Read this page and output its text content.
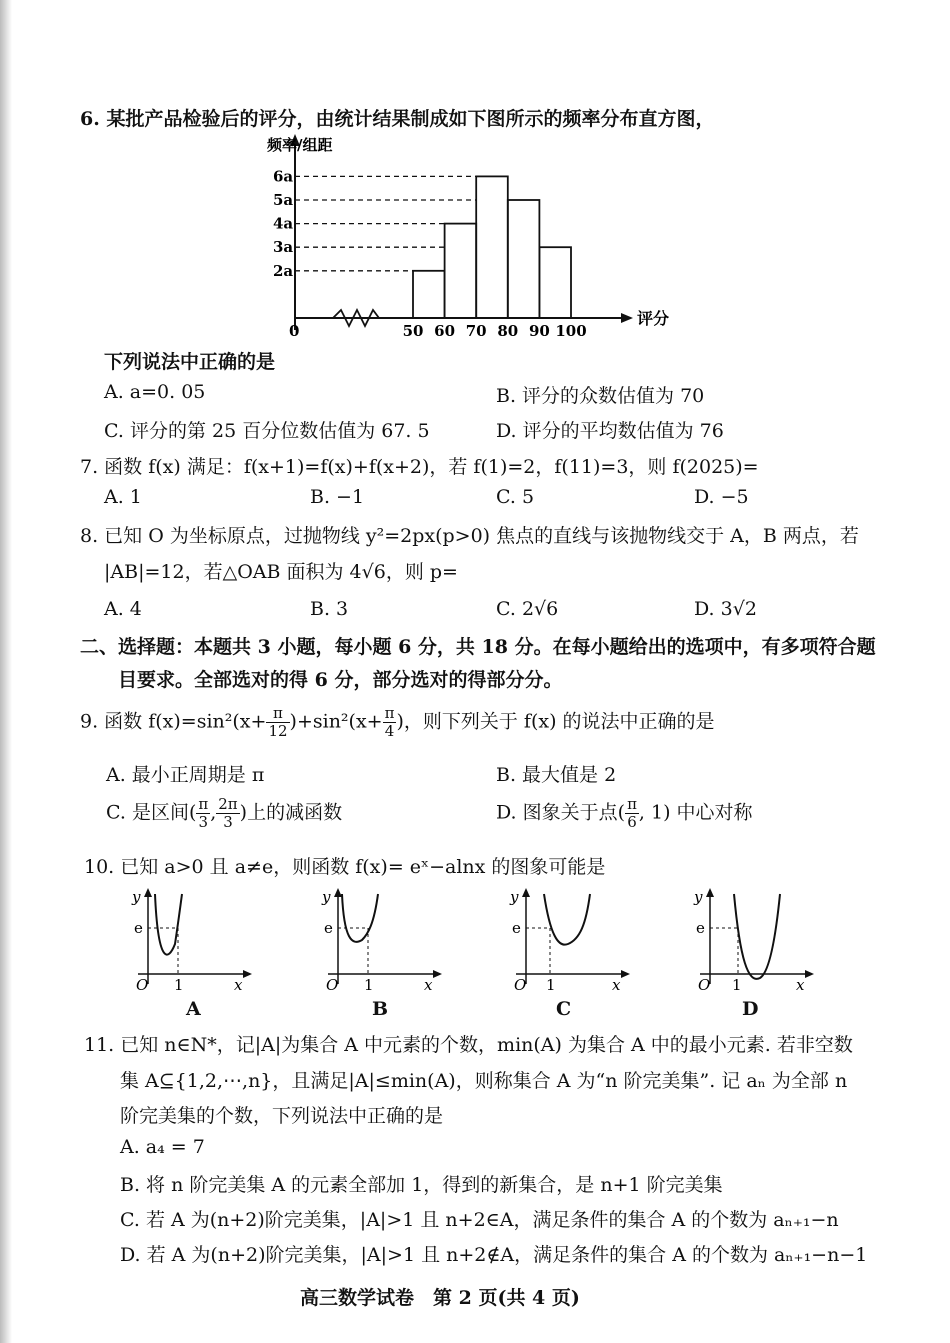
6. 某批产品检验后的评分，由统计结果制成如下图所示的频率分布直方图，
2a
3a
4a
5a
6a
50 60 70 80 90 100
频率/组距
评分
0
下列说法中正确的是
A. a=0. 05	B. 评分的众数估值为 70
C. 评分的第 25 百分位数估值为 67. 5	D. 评分的平均数估值为 76
7. 函数 f(x) 满足：f(x+1)=f(x)+f(x+2)，若 f(1)=2，f(11)=3，则 f(2025)=
A. 1	B. −1	C. 5	D. −5
8. 已知 O 为坐标原点，过抛物线 y²=2px(p>0) 焦点的直线与该抛物线交于 A，B 两点，若
|AB|=12，若△OAB 面积为 4√6，则 p=
A. 4	B. 3	C. 2√6	D. 3√2
二、选择题：本题共 3 小题，每小题 6 分，共 18 分。在每小题给出的选项中，有多项符合题
目要求。全部选对的得 6 分，部分选对的得部分分。
9. 函数 $f(x)=\sin^2(x+ \frac{\pi}{12} )+\sin^2(x+ \frac{\pi}{4}$ )，则下列关于 f(x) 的说法中正确的是
A. 最小正周期是 π	B. 最大值是 2
C. 是区间( $\frac{\pi}{3}$ , $\frac{2\pi}{3}$ )上的减函数	D. 图象关于点( $\frac{\pi}{6}$ , 1) 中心对称
10. 已知 a>0 且 a≠e，则函数 f(x)= eˣ−alnx 的图象可能是
y
e
O 1	x
A
y
e
O 1	x
B
y
e
O 1	x
C
y
e
O 1	x
D
11. 已知 n∈N*，记|A|为集合 A 中元素的个数，min(A) 为集合 A 中的最小元素. 若非空数
集 A⊆{1,2,⋯,n}，且满足|A|≤min(A)，则称集合 A 为“n 阶完美集”. 记 aₙ 为全部 n
阶完美集的个数，下列说法中正确的是
A. a₄ = 7
B. 将 n 阶完美集 A 的元素全部加 1，得到的新集合，是 n+1 阶完美集
C. 若 A 为(n+2)阶完美集，|A|>1 且 n+2∈A，满足条件的集合 A 的个数为 aₙ₊₁−n
D. 若 A 为(n+2)阶完美集，|A|>1 且 n+2∉A，满足条件的集合 A 的个数为 aₙ₊₁−n−1
高三数学试卷　第 2 页(共 4 页)
